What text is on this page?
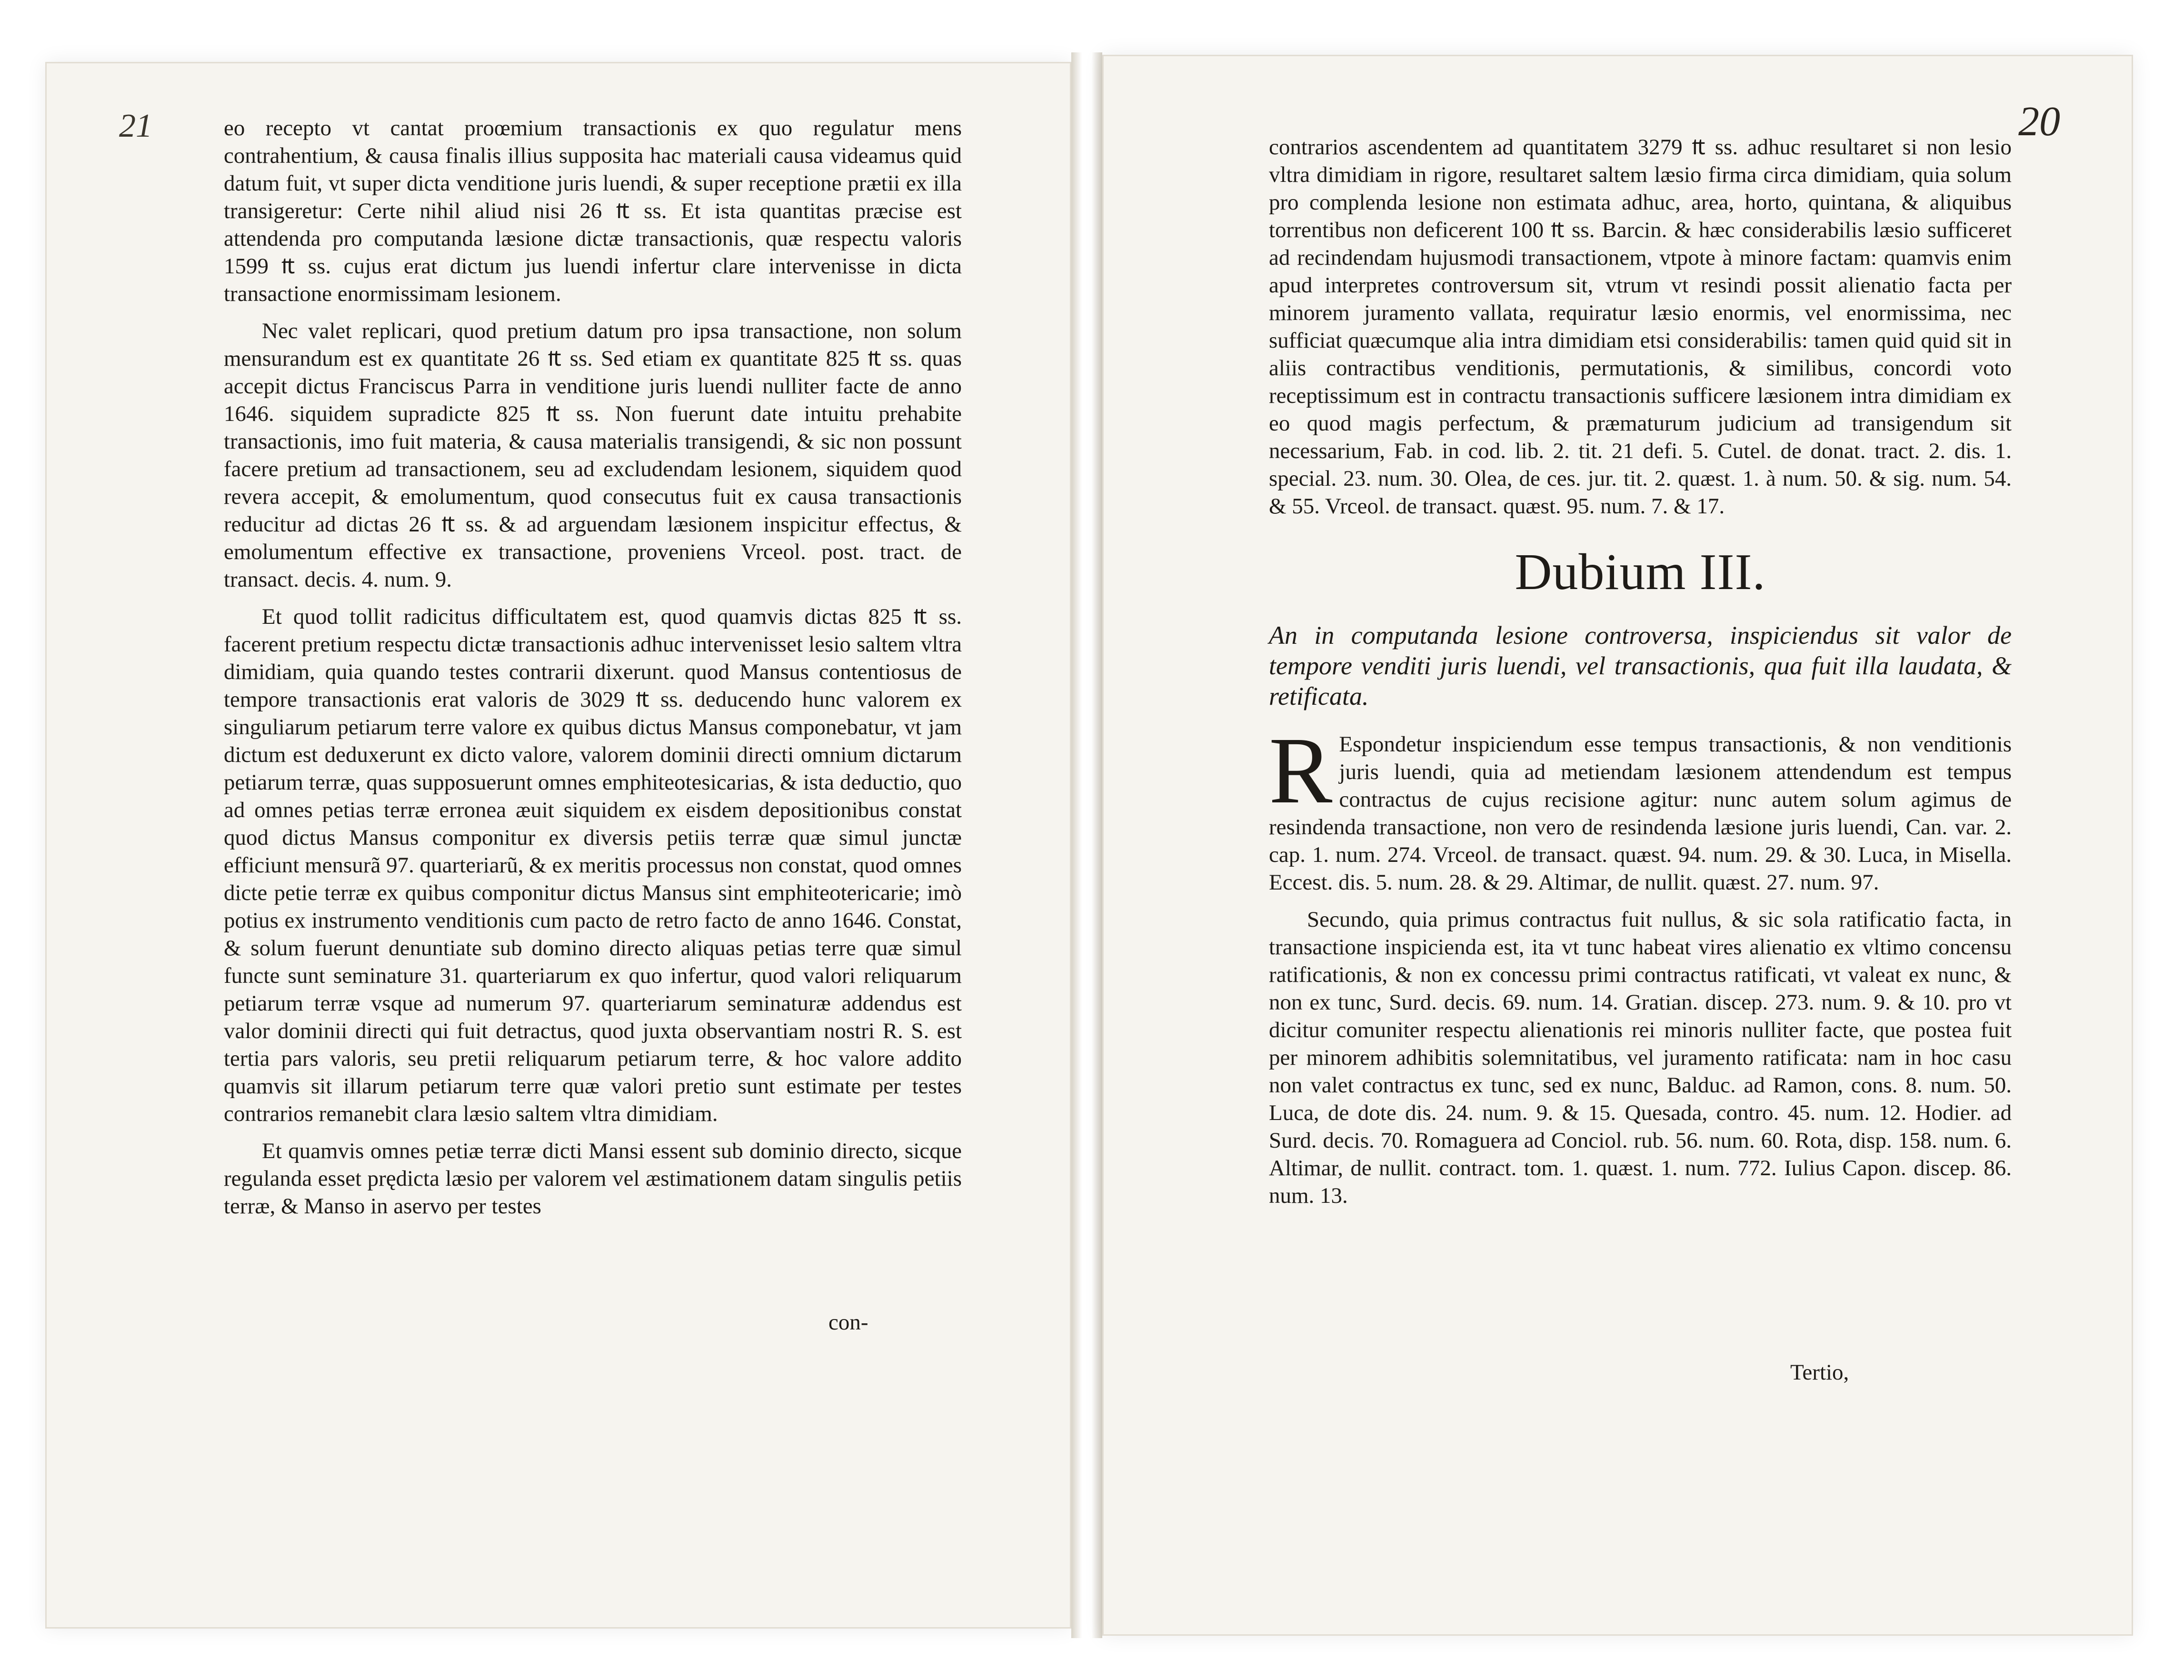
21	eo recepto vt cantat proœmium transactionis ex quo regulatur mens contrahentium, & causa finalis illius supposita hac materiali causa videamus quid datum fuit, vt super dicta venditione juris luendi, & super receptione prætii ex illa transigeretur: Certe nihil aliud nisi 26 ₶ ss. Et ista quantitas præcise est attendenda pro computanda læsione dictæ transactionis, quæ respectu valoris 1599 ₶ ss. cujus erat dictum jus luendi infertur clare intervenisse in dicta transactione enormissimam lesionem.

Nec valet replicari, quod pretium datum pro ipsa transactione, non solum mensurandum est ex quantitate 26 ₶ ss. Sed etiam ex quantitate 825 ₶ ss. quas accepit dictus Franciscus Parra in venditione juris luendi nulliter facte de anno 1646. siquidem supradicte 825 ₶ ss. Non fuerunt date intuitu prehabite transactionis, imo fuit materia, & causa materialis transigendi, & sic non possunt facere pretium ad transactionem, seu ad excludendam lesionem, siquidem quod revera accepit, & emolumentum, quod consecutus fuit ex causa transactionis reducitur ad dictas 26 ₶ ss. & ad arguendam læsionem inspicitur effectus, & emolumentum effective ex transactione, proveniens Vrceol. post. tract. de transact. decis. 4. num. 9.

Et quod tollit radicitus difficultatem est, quod quamvis dictas 825 ₶ ss. facerent pretium respectu dictæ transactionis adhuc intervenisset lesio saltem vltra dimidiam, quia quando testes contrarii dixerunt. quod Mansus contentiosus de tempore transactionis erat valoris de 3029 ₶ ss. deducendo hunc valorem ex singuliarum petiarum terre valore ex quibus dictus Mansus componebatur, vt jam dictum est deduxerunt ex dicto valore, valorem dominii directi omnium dictarum petiarum terræ, quas supposuerunt omnes emphiteotesicarias, & ista deductio, quo ad omnes petias terræ erronea æuit siquidem ex eisdem depositionibus constat quod dictus Mansus componitur ex diversis petiis terræ quæ simul junctæ efficiunt mensurã 97. quarteriarũ, & ex meritis processus non constat, quod omnes dicte petie terræ ex quibus componitur dictus Mansus sint emphiteotericarie; imò potius ex instrumento venditionis cum pacto de retro facto de anno 1646. Constat, & solum fuerunt denuntiate sub domino directo aliquas petias terre quæ simul functe sunt seminature 31. quarteriarum ex quo infertur, quod valori reliquarum petiarum terræ vsque ad numerum 97. quarteriarum seminaturæ addendus est valor dominii directi qui fuit detractus, quod juxta observantiam nostri R. S. est tertia pars valoris, seu pretii reliquarum petiarum terre, & hoc valore addito quamvis sit illarum petiarum terre quæ valori pretio sunt estimate per testes contrarios remanebit clara læsio saltem vltra dimidiam.

Et quamvis omnes petiæ terræ dicti Mansi essent sub dominio directo, sicque regulanda esset prędicta læsio per valorem vel æstimationem datam singulis petiis terræ, & Manso in aservo per testes

con-
20

contrarios ascendentem ad quantitatem 3279 ₶ ss. adhuc resultaret si non lesio vltra dimidiam in rigore, resultaret saltem læsio firma circa dimidiam, quia solum pro complenda lesione non estimata adhuc, area, horto, quintana, & aliquibus torrentibus non deficerent 100 ₶ ss. Barcin. & hæc considerabilis læsio sufficeret ad recindendam hujusmodi transactionem, vtpote à minore factam: quamvis enim apud interpretes controversum sit, vtrum vt resindi possit alienatio facta per minorem juramento vallata, requiratur læsio enormis, vel enormissima, nec sufficiat quæcumque alia intra dimidiam etsi considerabilis: tamen quid quid sit in aliis contractibus venditionis, permutationis, & similibus, concordi voto receptissimum est in contractu transactionis sufficere læsionem intra dimidiam ex eo quod magis perfectum, & præmaturum judicium ad transigendum sit necessarium, Fab. in cod. lib. 2. tit. 21 defi. 5. Cutel. de donat. tract. 2. dis. 1. special. 23. num. 30. Olea, de ces. jur. tit. 2. quæst. 1. à num. 50. & sig. num. 54. & 55. Vrceol. de transact. quæst. 95. num. 7. & 17.

Dubium III.
An in computanda lesione controversa, inspiciendus sit valor de tempore venditi juris luendi, vel transactionis, qua fuit illa laudata, & retificata.

R Espondetur inspiciendum esse tempus transactionis, & non venditionis juris luendi, quia ad metiendam læsionem attendendum est tempus contractus de cujus recisione agitur: nunc autem solum agimus de resindenda transactione, non vero de resindenda læsione juris luendi, Can. var. 2. cap. 1. num. 274. Vrceol. de transact. quæst. 94. num. 29. & 30. Luca, in Misella. Eccest. dis. 5. num. 28. & 29. Altimar, de nullit. quæst. 27. num. 97.

Secundo, quia primus contractus fuit nullus, & sic sola ratificatio facta, in transactione inspicienda est, ita vt tunc habeat vires alienatio ex vltimo concensu ratificationis, & non ex concessu primi contractus ratificati, vt valeat ex nunc, & non ex tunc, Surd. decis. 69. num. 14. Gratian. discep. 273. num. 9. & 10. pro vt dicitur comuniter respectu alienationis rei minoris nulliter facte, que postea fuit per minorem adhibitis solemnitatibus, vel juramento ratificata: nam in hoc casu non valet contractus ex tunc, sed ex nunc, Balduc. ad Ramon, cons. 8. num. 50. Luca, de dote dis. 24. num. 9. & 15. Quesada, contro. 45. num. 12. Hodier. ad Surd. decis. 70. Romaguera ad Conciol. rub. 56. num. 60. Rota, disp. 158. num. 6. Altimar, de nullit. contract. tom. 1. quæst. 1. num. 772. Iulius Capon. discep. 86. num. 13.

Tertio,
